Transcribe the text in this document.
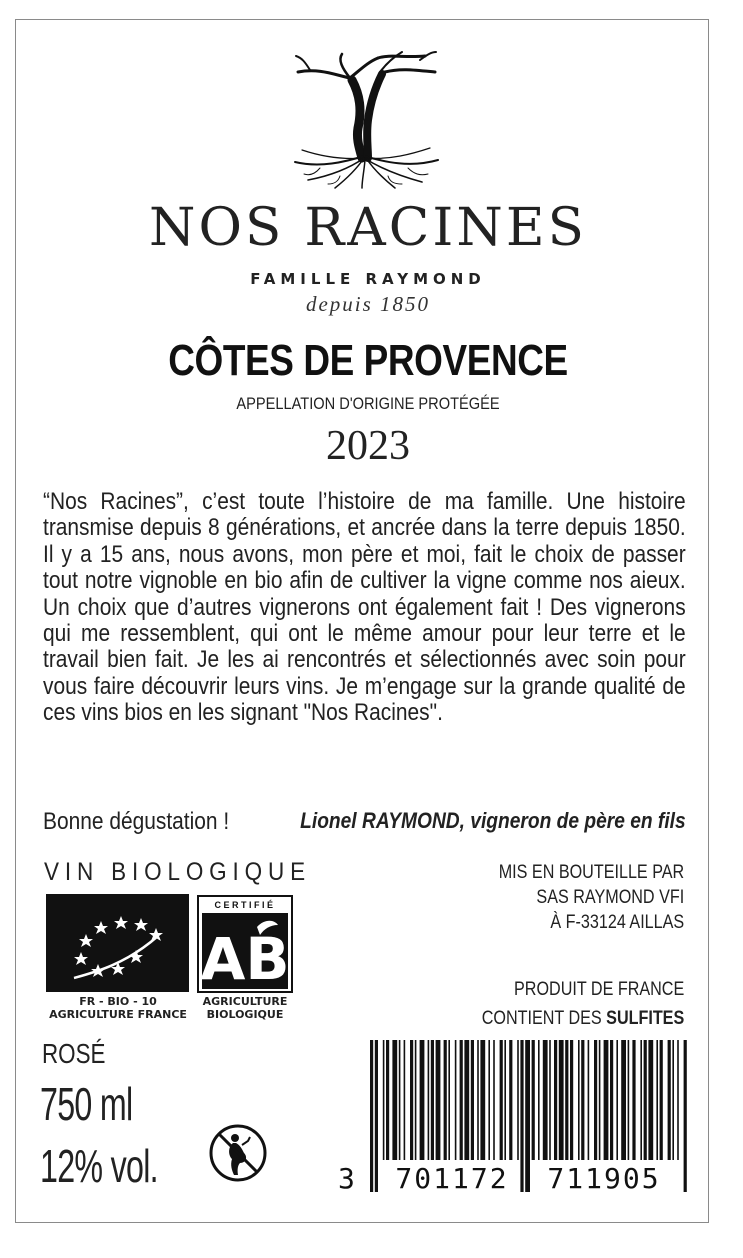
NOS RACINES
FAMILLE RAYMOND
depuis 1850
CÔTES DE PROVENCE
APPELLATION D'ORIGINE PROTÉGÉE
2023
“Nos Racines”, c’est toute l’histoire de ma famille. Une histoire transmise depuis 8 générations, et ancrée dans la terre depuis 1850. Il y a 15 ans, nous avons, mon père et moi, fait le choix de passer tout notre vignoble en bio afin de cultiver la vigne comme nos aieux. Un choix que d’autres vignerons ont également fait ! Des vignerons qui me ressemblent, qui ont le même amour pour leur terre et le travail bien fait. Je les ai rencontrés et sélectionnés avec soin pour vous faire découvrir leurs vins. Je m’engage sur la grande qualité de ces vins bios en les signant "Nos Racines".
Bonne dégustation !	Lionel RAYMOND, vigneron de père en fils
VIN BIOLOGIQUE
FR - BIO - 10
AGRICULTURE FRANCE
CERTIFIÉ
AB
AGRICULTURE
BIOLOGIQUE
MIS EN BOUTEILLE PAR
SAS RAYMOND VFI
À F-33124 AILLAS
PRODUIT DE FRANCE
CONTIENT DES SULFITES
ROSÉ
750 ml
12% vol.	3 701172 711905
